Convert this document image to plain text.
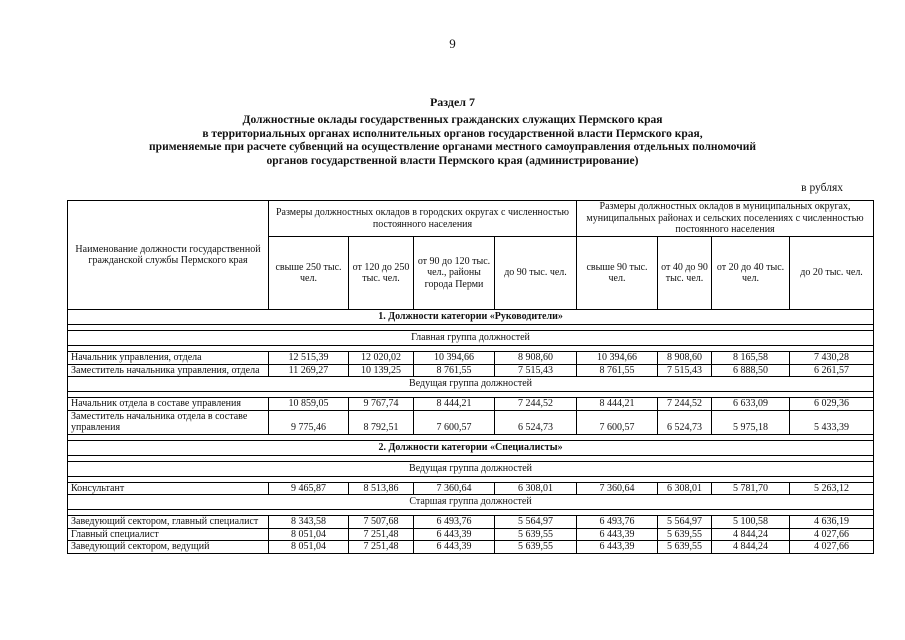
9
Раздел 7
Должностные оклады государственных гражданских служащих Пермского края
в территориальных органах исполнительных органов государственной власти Пермского края,
применяемые при расчете субвенций на осуществление органами местного самоуправления отдельных полномочий
органов государственной власти Пермского края (администрирование)
в рублях
Наименование должности государственной гражданской службы Пермского края	Размеры должностных окладов в городских округах с численностью постоянного населения				Размеры должностных окладов в муниципальных округах, муниципальных районах и сельских поселениях с численностью постоянного населения			
	свыше 250 тыс. чел.	от 120 до 250 тыс. чел.	от 90 до 120 тыс. чел., районы города Перми	до 90 тыс. чел.	свыше 90 тыс. чел.	от 40 до 90 тыс. чел.	от 20 до 40 тыс. чел.	до 20 тыс. чел.
1. Должности категории «Руководители»								

Главная группа должностей								

Начальник управления, отдела	12 515,39	12 020,02	10 394,66	8 908,60	10 394,66	8 908,60	8 165,58	7 430,28
Заместитель начальника управления, отдела	11 269,27	10 139,25	8 761,55	7 515,43	8 761,55	7 515,43	6 888,50	6 261,57
Ведущая группа должностей								

Начальник отдела в составе управления	10 859,05	9 767,74	8 444,21	7 244,52	8 444,21	7 244,52	6 633,09	6 029,36
Заместитель начальника отдела в составе управления	9 775,46	8 792,51	7 600,57	6 524,73	7 600,57	6 524,73	5 975,18	5 433,39

2. Должности категории «Специалисты»								

Ведущая группа должностей								

Консультант	9 465,87	8 513,86	7 360,64	6 308,01	7 360,64	6 308,01	5 781,70	5 263,12
Старшая группа должностей								

Заведующий сектором, главный специалист	8 343,58	7 507,68	6 493,76	5 564,97	6 493,76	5 564,97	5 100,58	4 636,19
Главный специалист	8 051,04	7 251,48	6 443,39	5 639,55	6 443,39	5 639,55	4 844,24	4 027,66
Заведующий сектором, ведущий	8 051,04	7 251,48	6 443,39	5 639,55	6 443,39	5 639,55	4 844,24	4 027,66
